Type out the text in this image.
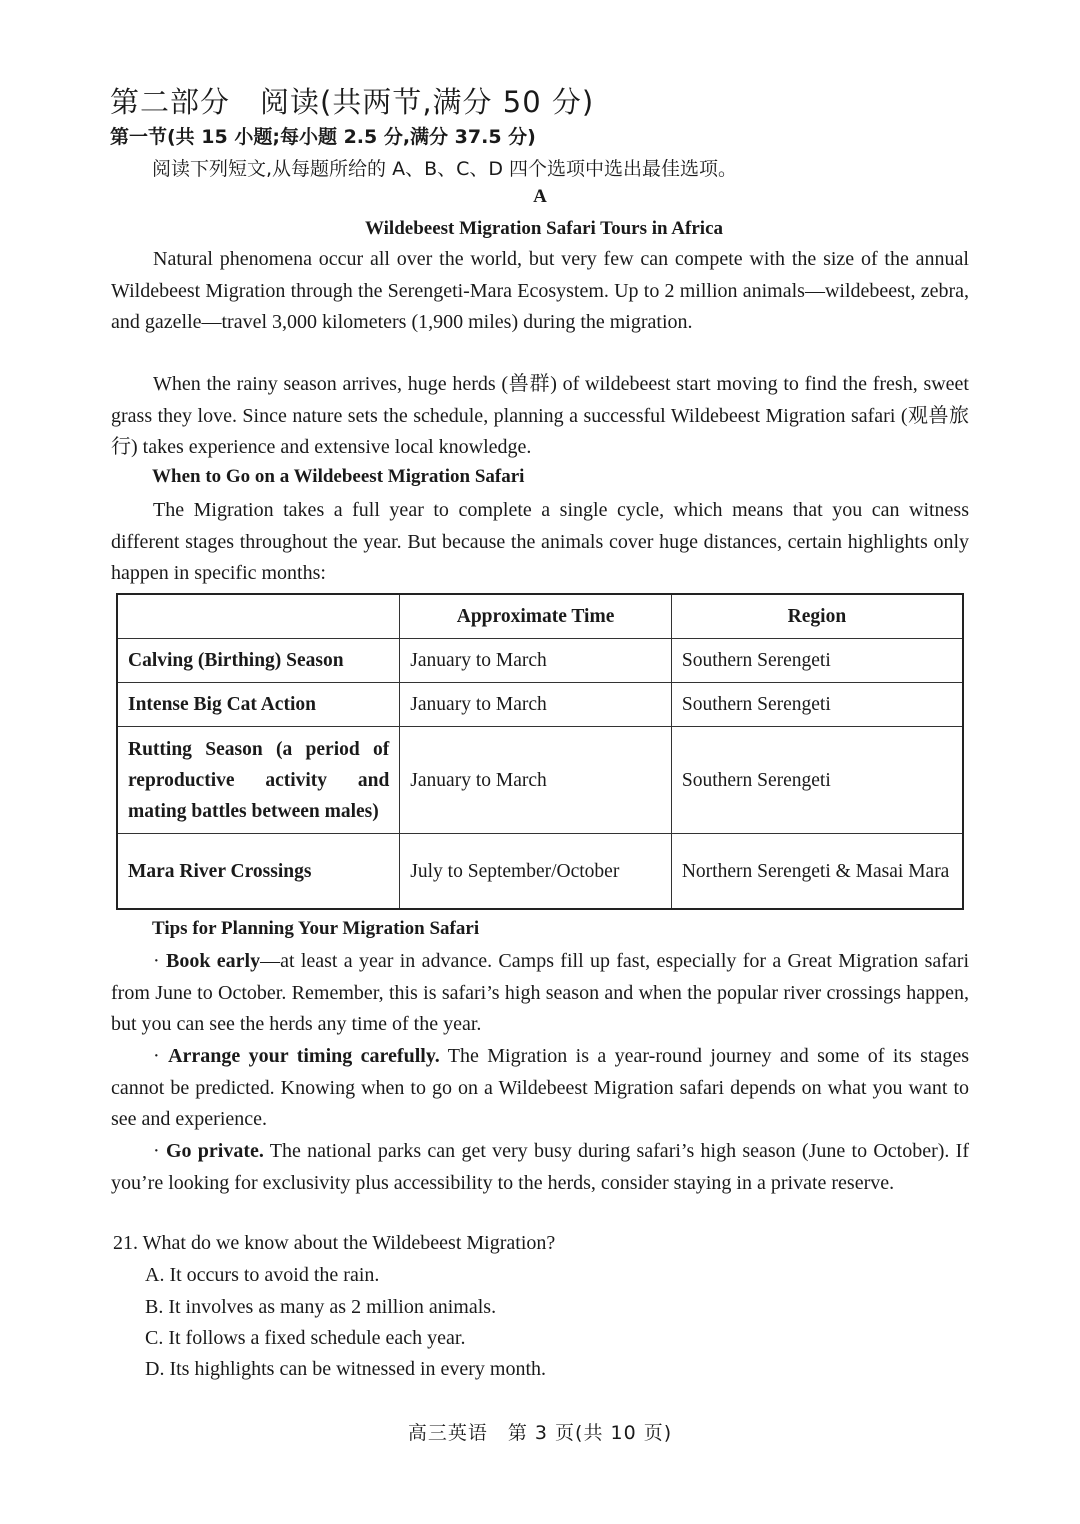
第二部分　阅读(共两节,满分 50 分)
第一节(共 15 小题;每小题 2.5 分,满分 37.5 分)
阅读下列短文,从每题所给的 A、B、C、D 四个选项中选出最佳选项。
A
Wildebeest Migration Safari Tours in Africa

Natural phenomena occur all over the world, but very few can compete with the size of the annual Wildebeest Migration through the Serengeti-Mara Ecosystem. Up to 2 million animals—wildebeest, zebra, and gazelle—travel 3,000 kilometers (1,900 miles) during the migration.

When the rainy season arrives, huge herds (兽群) of wildebeest start moving to find the fresh, sweet grass they love. Since nature sets the schedule, planning a successful Wildebeest Migration safari (观兽旅行) takes experience and extensive local knowledge.

When to Go on a Wildebeest Migration Safari

The Migration takes a full year to complete a single cycle, which means that you can witness different stages throughout the year. But because the animals cover huge distances, certain highlights only happen in specific months:

	Approximate Time	Region
Calving (Birthing) Season	January to March	Southern Serengeti
Intense Big Cat Action	January to March	Southern Serengeti
Rutting Season (a period of reproductive activity and mating battles between males)	January to March	Southern Serengeti
Mara River Crossings	July to September/October	Northern Serengeti & Masai Mara
Tips for Planning Your Migration Safari

· Book early—at least a year in advance. Camps fill up fast, especially for a Great Migration safari from June to October. Remember, this is safari’s high season and when the popular river crossings happen, but you can see the herds any time of the year.

· Arrange your timing carefully. The Migration is a year-round journey and some of its stages cannot be predicted. Knowing when to go on a Wildebeest Migration safari depends on what you want to see and experience.

· Go private. The national parks can get very busy during safari’s high season (June to October). If you’re looking for exclusivity plus accessibility to the herds, consider staying in a private reserve.

21. What do we know about the Wildebeest Migration?
A. It occurs to avoid the rain.
B. It involves as many as 2 million animals.
C. It follows a fixed schedule each year.
D. Its highlights can be witnessed in every month.
高三英语　第 3 页(共 10 页)
